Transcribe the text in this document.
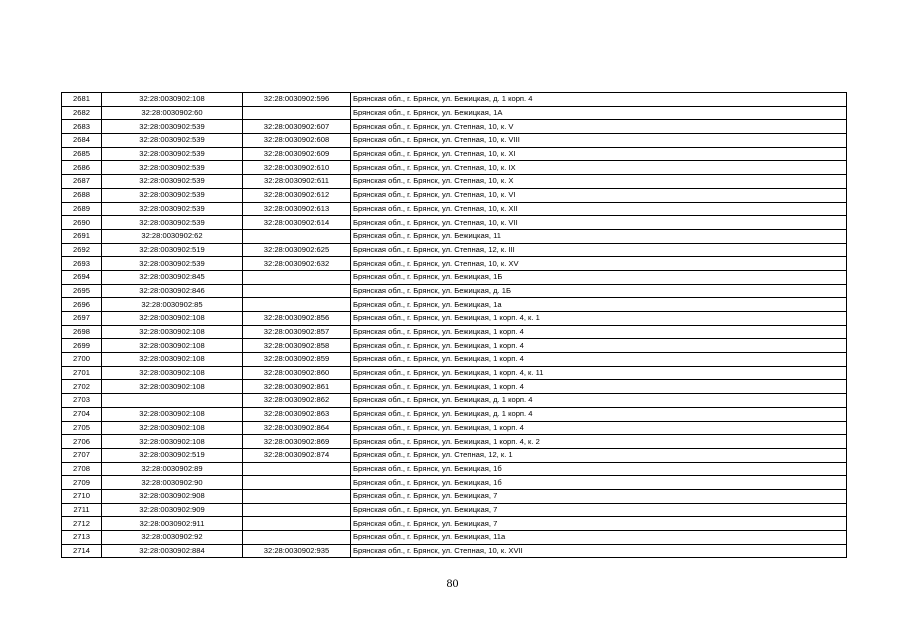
2681	32:28:0030902:108	32:28:0030902:596	Брянская обл., г. Брянск, ул. Бежицкая, д. 1 корп. 4
2682	32:28:0030902:60		Брянская обл., г. Брянск, ул. Бежицкая, 1А
2683	32:28:0030902:539	32:28:0030902:607	Брянская обл., г. Брянск, ул. Степная, 10, к. V
2684	32:28:0030902:539	32:28:0030902:608	Брянская обл., г. Брянск, ул. Степная, 10, к. VIII
2685	32:28:0030902:539	32:28:0030902:609	Брянская обл., г. Брянск, ул. Степная, 10, к. XI
2686	32:28:0030902:539	32:28:0030902:610	Брянская обл., г. Брянск, ул. Степная, 10, к. IX
2687	32:28:0030902:539	32:28:0030902:611	Брянская обл., г. Брянск, ул. Степная, 10, к. X
2688	32:28:0030902:539	32:28:0030902:612	Брянская обл., г. Брянск, ул. Степная, 10, к. VI
2689	32:28:0030902:539	32:28:0030902:613	Брянская обл., г. Брянск, ул. Степная, 10, к. XII
2690	32:28:0030902:539	32:28:0030902:614	Брянская обл., г. Брянск, ул. Степная, 10, к. VII
2691	32:28:0030902:62		Брянская обл., г. Брянск, ул. Бежицкая, 11
2692	32:28:0030902:519	32:28:0030902:625	Брянская обл., г. Брянск, ул. Степная, 12, к. III
2693	32:28:0030902:539	32:28:0030902:632	Брянская обл., г. Брянск, ул. Степная, 10, к. XV
2694	32:28:0030902:845		Брянская обл., г. Брянск, ул. Бежицкая, 1Б
2695	32:28:0030902:846		Брянская обл., г. Брянск, ул. Бежицкая, д. 1Б
2696	32:28:0030902:85		Брянская обл., г. Брянск, ул. Бежицкая, 1а
2697	32:28:0030902:108	32:28:0030902:856	Брянская обл., г. Брянск, ул. Бежицкая, 1 корп. 4, к. 1
2698	32:28:0030902:108	32:28:0030902:857	Брянская обл., г. Брянск, ул. Бежицкая, 1 корп. 4
2699	32:28:0030902:108	32:28:0030902:858	Брянская обл., г. Брянск, ул. Бежицкая, 1 корп. 4
2700	32:28:0030902:108	32:28:0030902:859	Брянская обл., г. Брянск, ул. Бежицкая, 1 корп. 4
2701	32:28:0030902:108	32:28:0030902:860	Брянская обл., г. Брянск, ул. Бежицкая, 1 корп. 4, к. 11
2702	32:28:0030902:108	32:28:0030902:861	Брянская обл., г. Брянск, ул. Бежицкая, 1 корп. 4
2703		32:28:0030902:862	Брянская обл., г. Брянск, ул. Бежицкая, д. 1 корп. 4
2704	32:28:0030902:108	32:28:0030902:863	Брянская обл., г. Брянск, ул. Бежицкая, д. 1 корп. 4
2705	32:28:0030902:108	32:28:0030902:864	Брянская обл., г. Брянск, ул. Бежицкая, 1 корп. 4
2706	32:28:0030902:108	32:28:0030902:869	Брянская обл., г. Брянск, ул. Бежицкая, 1 корп. 4, к. 2
2707	32:28:0030902:519	32:28:0030902:874	Брянская обл., г. Брянск, ул. Степная, 12, к. 1
2708	32:28:0030902:89		Брянская обл., г. Брянск, ул. Бежицкая, 1б
2709	32:28:0030902:90		Брянская обл., г. Брянск, ул. Бежицкая, 1б
2710	32:28:0030902:908		Брянская обл., г. Брянск, ул. Бежицкая, 7
2711	32:28:0030902:909		Брянская обл., г. Брянск, ул. Бежицкая, 7
2712	32:28:0030902:911		Брянская обл., г. Брянск, ул. Бежицкая, 7
2713	32:28:0030902:92		Брянская обл., г. Брянск, ул. Бежицкая, 11а
2714	32:28:0030902:884	32:28:0030902:935	Брянская обл., г. Брянск, ул. Степная, 10, к. XVII
80
